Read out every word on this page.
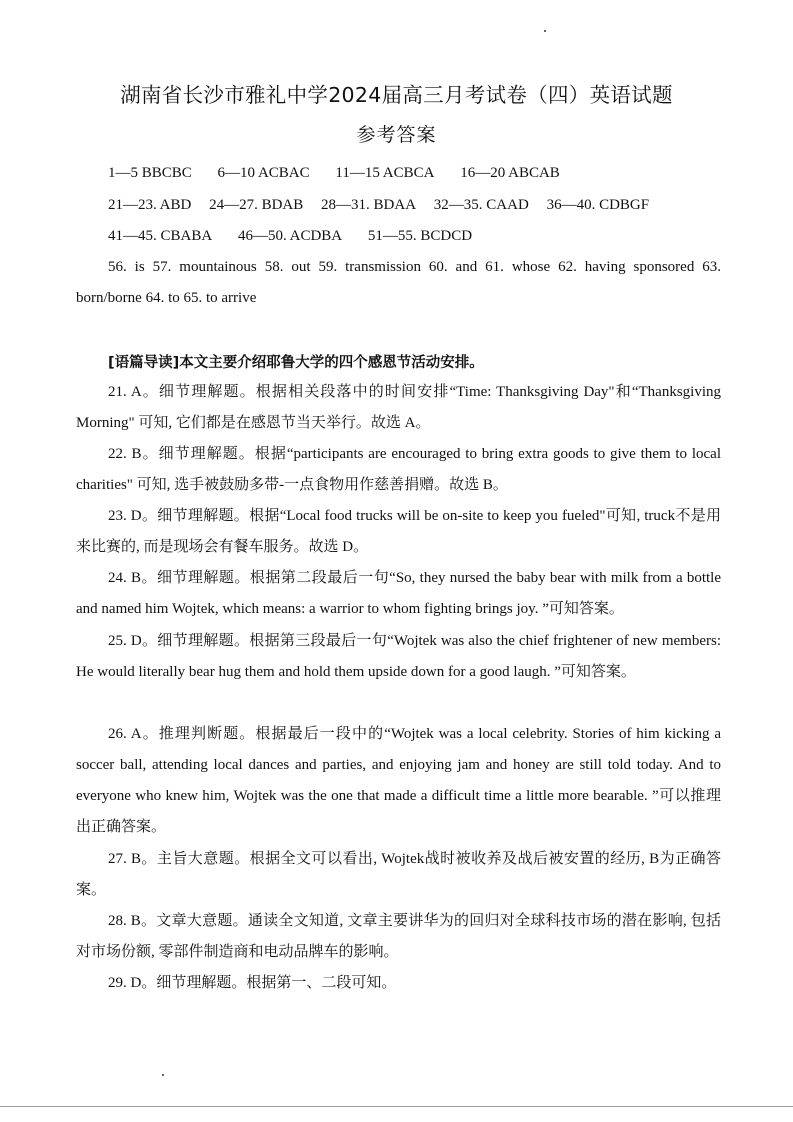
湖南省长沙市雅礼中学2024届高三月考试卷（四）英语试题
参考答案
1—5 BBCBC 6—10 ACBAC 11—15 ACBCA 16—20 ABCAB
21—23. ABD 24—27. BDAB 28—31. BDAA 32—35. CAAD 36—40. CDBGF
41—45. CBABA 46—50. ACDBA 51—55. BCDCD
56. is 57. mountainous 58. out 59. transmission 60. and 61. whose 62. having sponsored 63. born/borne 64. to 65. to arrive
[语篇导读]本文主要介绍耶鲁大学的四个感恩节活动安排。
21. A。细节理解题。根据相关段落中的时间安排“Time: Thanksgiving Day"和“Thanksgiving Morning" 可知, 它们都是在感恩节当天举行。故选 A。
22. B。细节理解题。根据“participants are encouraged to bring extra goods to give them to local charities" 可知, 选手被鼓励多带-一点食物用作慈善捐赠。故选 B。
23. D。细节理解题。根据“Local food trucks will be on-site to keep you fueled"可知, truck不是用来比赛的, 而是现场会有餐车服务。故选 D。
24. B。细节理解题。根据第二段最后一句“So, they nursed the baby bear with milk from a bottle and named him Wojtek, which means: a warrior to whom fighting brings joy. ”可知答案。
25. D。细节理解题。根据第三段最后一句“Wojtek was also the chief frightener of new members: He would literally bear hug them and hold them upside down for a good laugh. ”可知答案。
26. A。推理判断题。根据最后一段中的“Wojtek was a local celebrity. Stories of him kicking a soccer ball, attending local dances and parties, and enjoying jam and honey are still told today. And to everyone who knew him, Wojtek was the one that made a difficult time a little more bearable. ”可以推理出正确答案。
27. B。主旨大意题。根据全文可以看出, Wojtek战时被收养及战后被安置的经历, B为正确答案。
28. B。文章大意题。通读全文知道, 文章主要讲华为的回归对全球科技市场的潜在影响, 包括对市场份额, 零部件制造商和电动品牌车的影响。
29. D。细节理解题。根据第一、二段可知。
